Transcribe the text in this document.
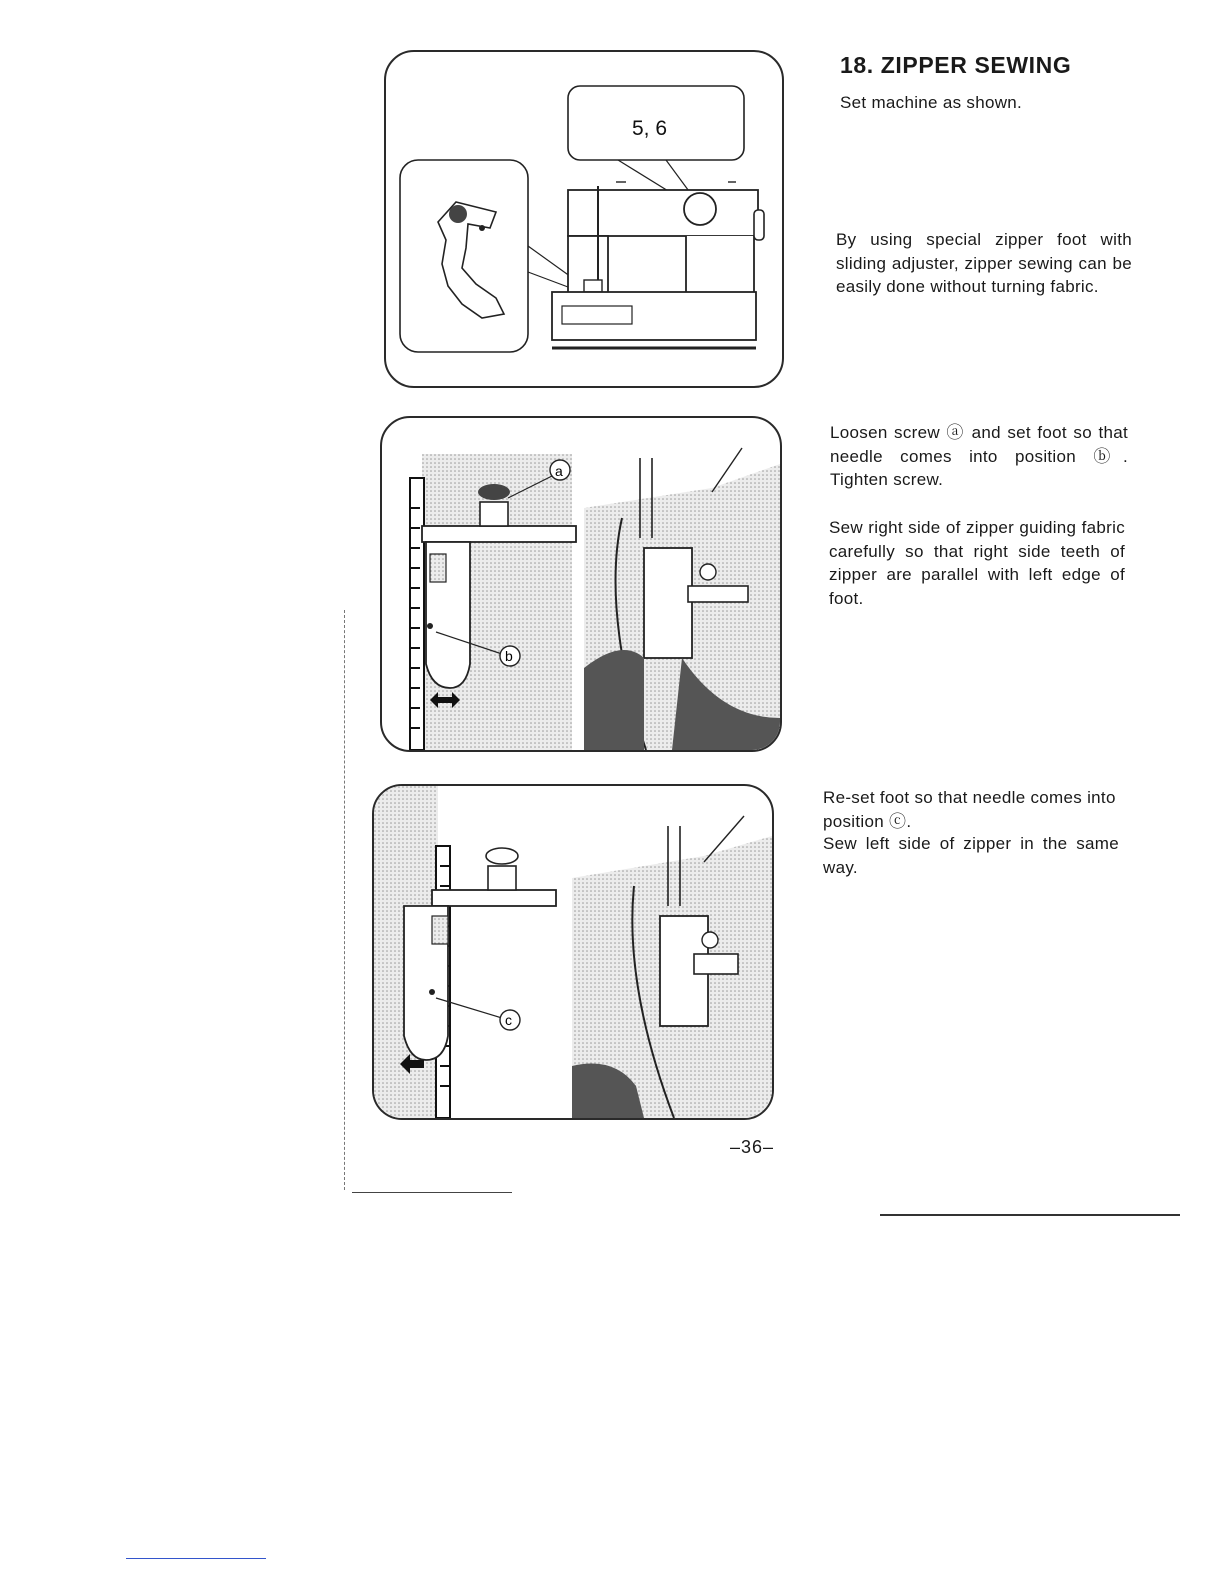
5, 6
a
b
c
18. ZIPPER SEWING
Set machine as shown.
By using special zipper foot with sliding adjuster, zipper sewing can be easily done without turning fabric.
Loosen screw ⓐ and set foot so that needle comes into position ⓑ. Tighten screw.
Sew right side of zipper guiding fabric carefully so that right side teeth of zipper are parallel with left edge of foot.
Re-set foot so that needle comes into position ⓒ.
Sew left side of zipper in the same way.
–36–
